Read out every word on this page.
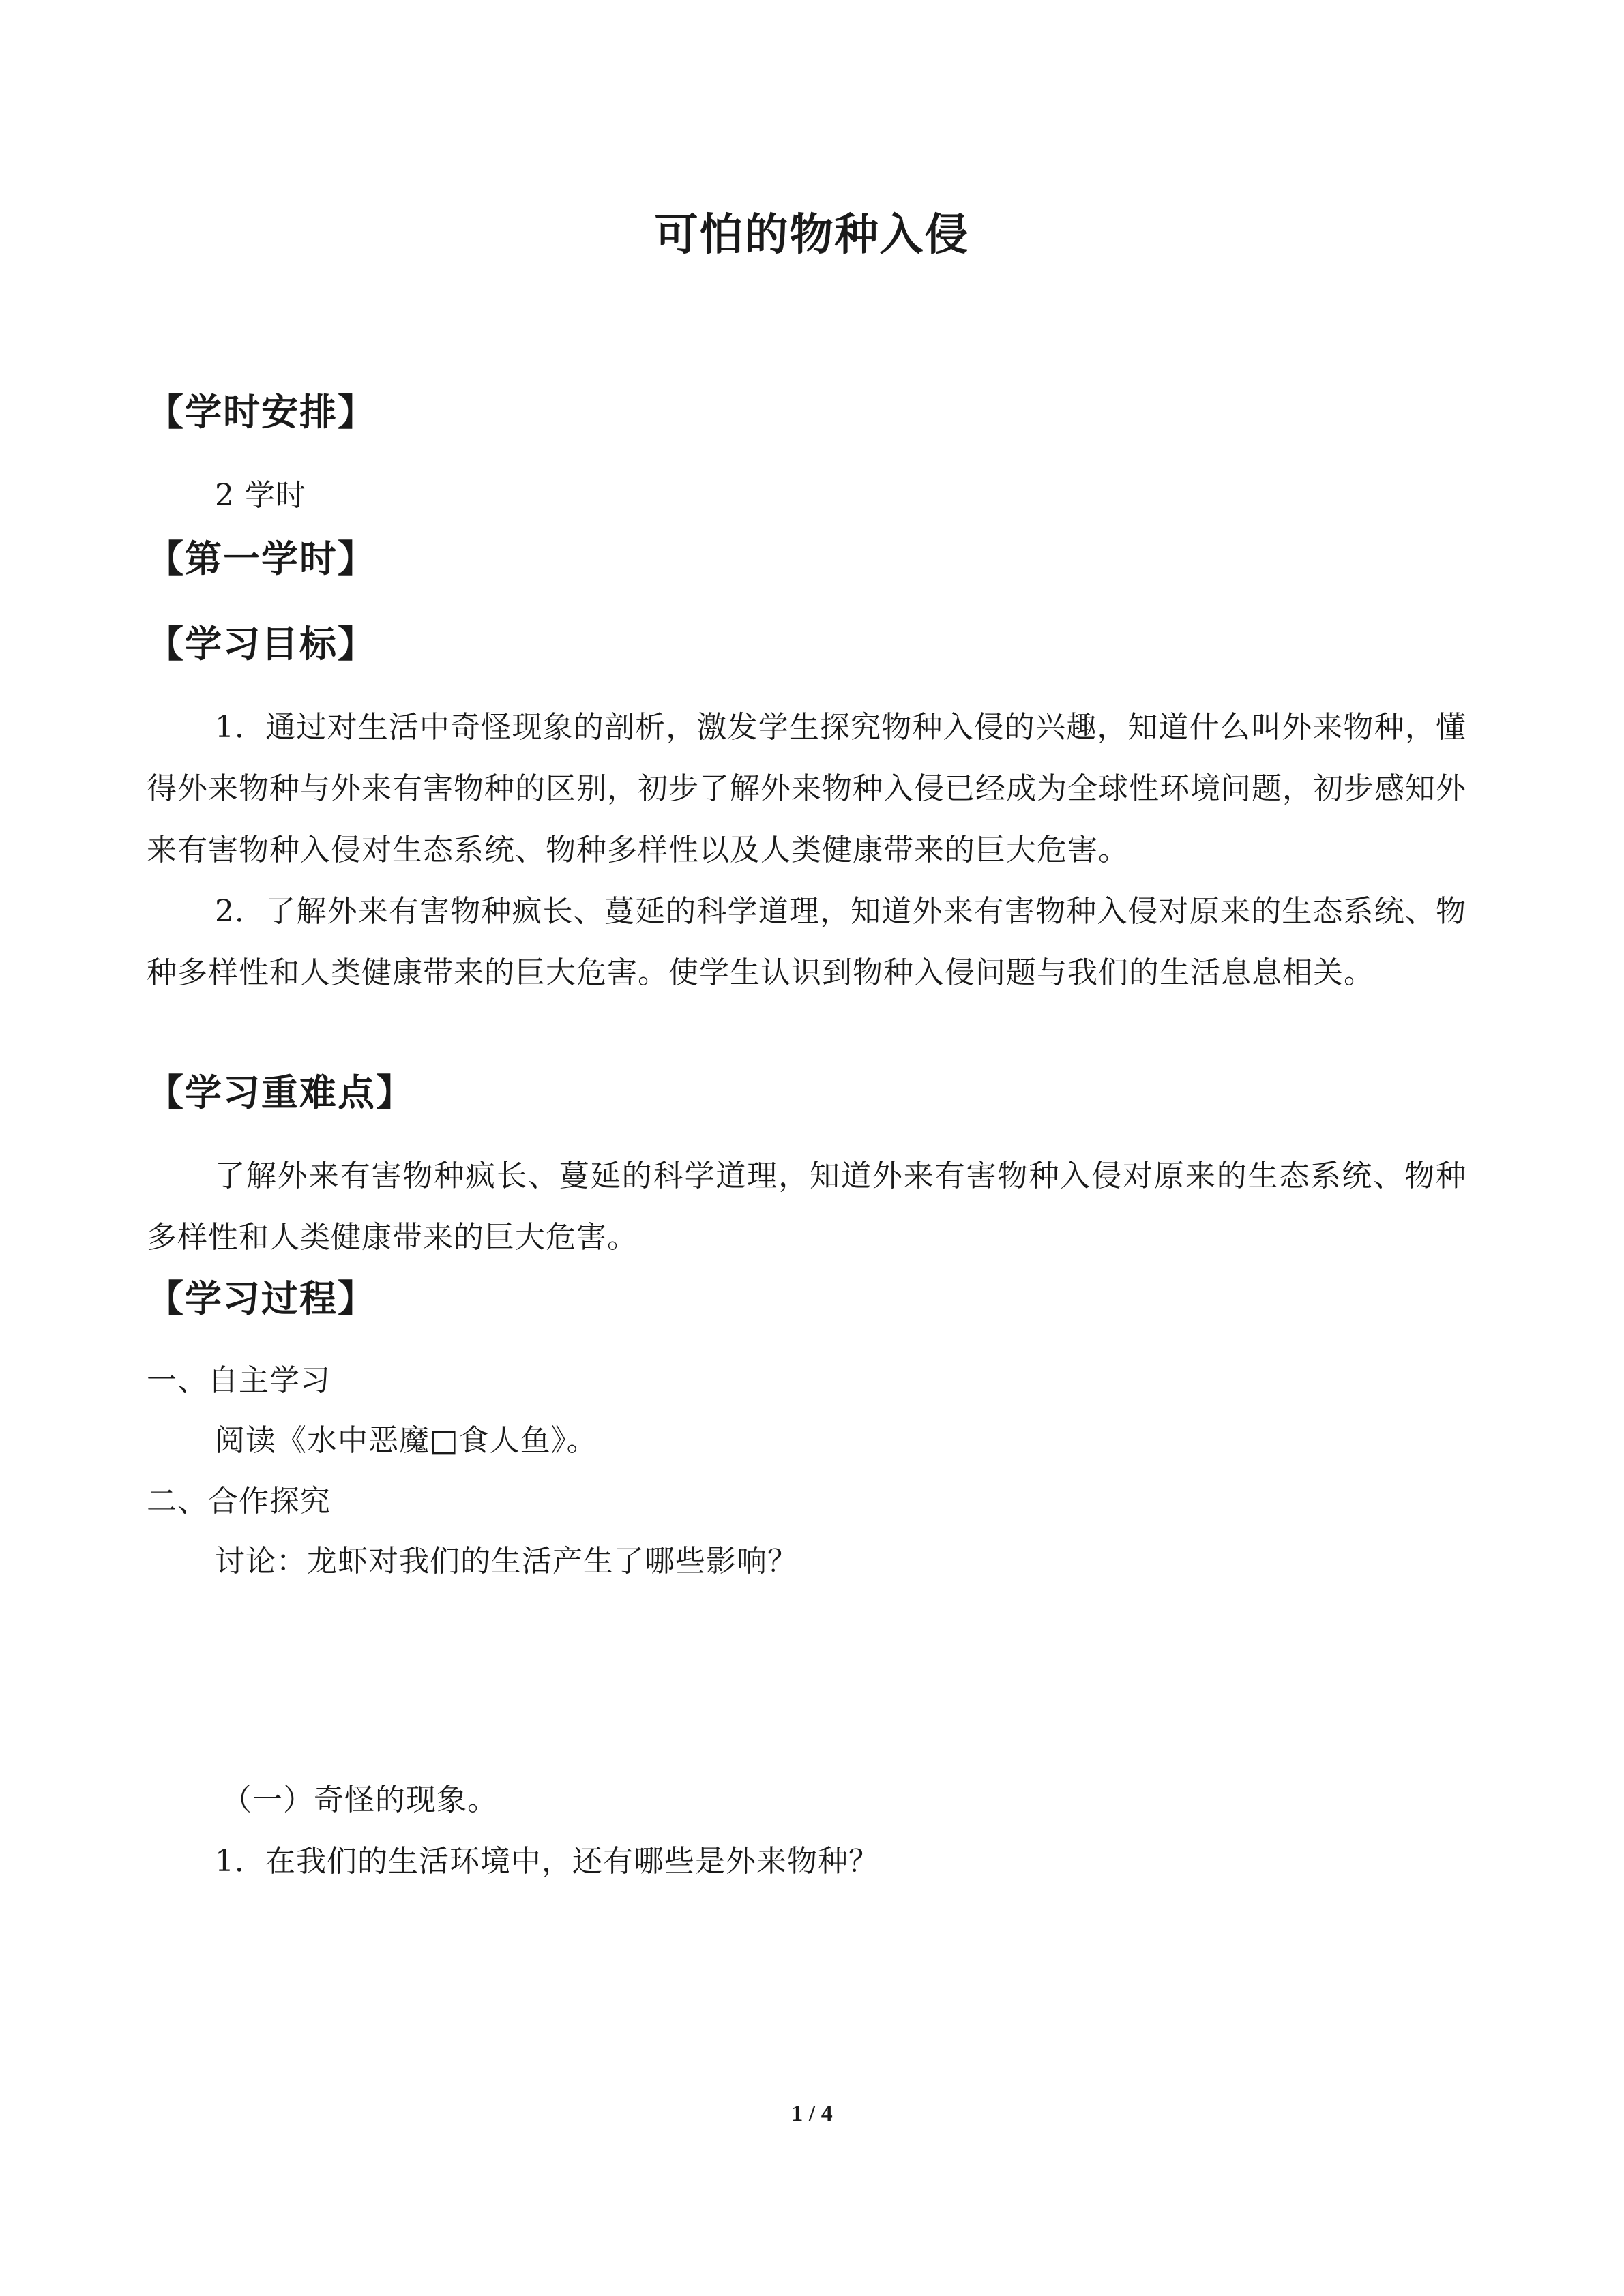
可怕的物种入侵
【学时安排】
2 学时
【第一学时】
【学习目标】
1．通过对生活中奇怪现象的剖析，激发学生探究物种入侵的兴趣，知道什么叫外来物种，懂得外来物种与外来有害物种的区别，初步了解外来物种入侵已经成为全球性环境问题，初步感知外来有害物种入侵对生态系统、物种多样性以及人类健康带来的巨大危害。
2．了解外来有害物种疯长、蔓延的科学道理，知道外来有害物种入侵对原来的生态系统、物种多样性和人类健康带来的巨大危害。使学生认识到物种入侵问题与我们的生活息息相关。
【学习重难点】
了解外来有害物种疯长、蔓延的科学道理，知道外来有害物种入侵对原来的生态系统、物种多样性和人类健康带来的巨大危害。
【学习过程】
一、自主学习
阅读《水中恶魔□食人鱼》。
二、合作探究
讨论：龙虾对我们的生活产生了哪些影响？
（一）奇怪的现象。
1．在我们的生活环境中，还有哪些是外来物种？
1 / 4
